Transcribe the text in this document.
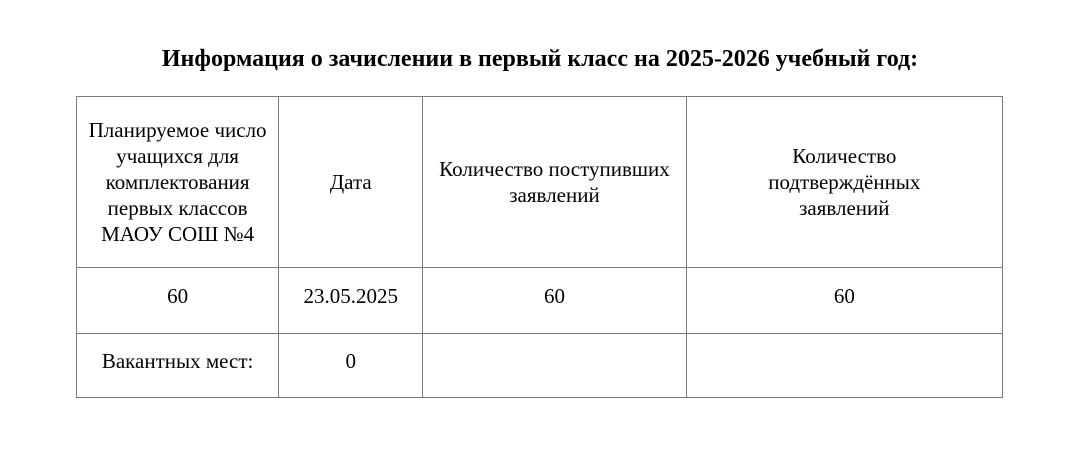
Информация о зачислении в первый класс на 2025-2026 учебный год:
Планируемое число учащихся для комплектования первых классов МАОУ СОШ №4	Дата	Количество поступивших заявлений	Количество подтверждённых заявлений
60	23.05.2025	60	60
Вакантных мест:	0		
